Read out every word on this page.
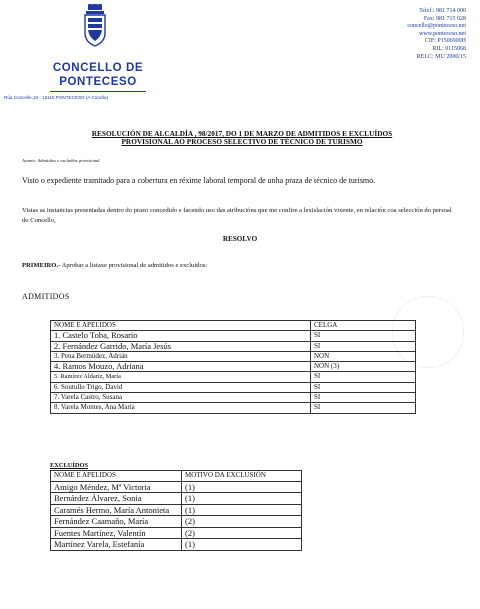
CONCELLO DE
PONTECESO
Rúa Concello,18 - 15110 PONTECESO (A Coruña)
Telef.: 981 714 000
Fax: 981 715 028
concello@ponteceso.net
www.ponteceso.net
CIF: P1506900H
RIL: 0115068
RELC: MU 2000/15
RESOLUCIÓN DE ALCALDÍA , 98/2017, DO 1 DE MARZO DE ADMITIDOS E EXCLUÍDOS
PROVISIONAL AO PROCESO SELECTIVO DE TÉCNICO DE TURISMO
Asunto: Admitidos e excluídos provisional
Visto o expediente tramitado para a cobertura en réxime laboral temporal de unha praza de técnico de turismo.
Vistas as instancias presentadas dentro do prazo concedido e facendo uso das atribucións que me confire a lexislación vixente, en relación coa selección do persoal do Concello,
RESOLVO
PRIMEIRO.- Aprobar a listaxe provisional de admitidos e excluídos:
ADMITIDOS
NOME E APELIDOS	CELGA
1. Castelo Toba, Rosario	SI
2. Fernández Garrido, María Jesús	SI
3. Pena Bermúdez, Adrián	NON
4. Ramos Mouzo, Adriana	NON (3)
5. Ramírez Aldariz, María	SI
6. Soutullo Trigo, David	SI
7. Varela Castro, Susana	SI
8. Varela Montes, Ana María	SI
EXCLUÍDOS
NOME E APELIDOS	MOTIVO DA EXCLUSIÓN
Amigo Méndez, Mª Victoria	(1)
Bernárdez Álvarez, Sonia	(1)
Caramés Hermo, María Antonieta	(1)
Fernández Caamaño, María	(2)
Fuentes Martínez, Valentín	(2)
Martínez Varela, Estefanía	(1)
